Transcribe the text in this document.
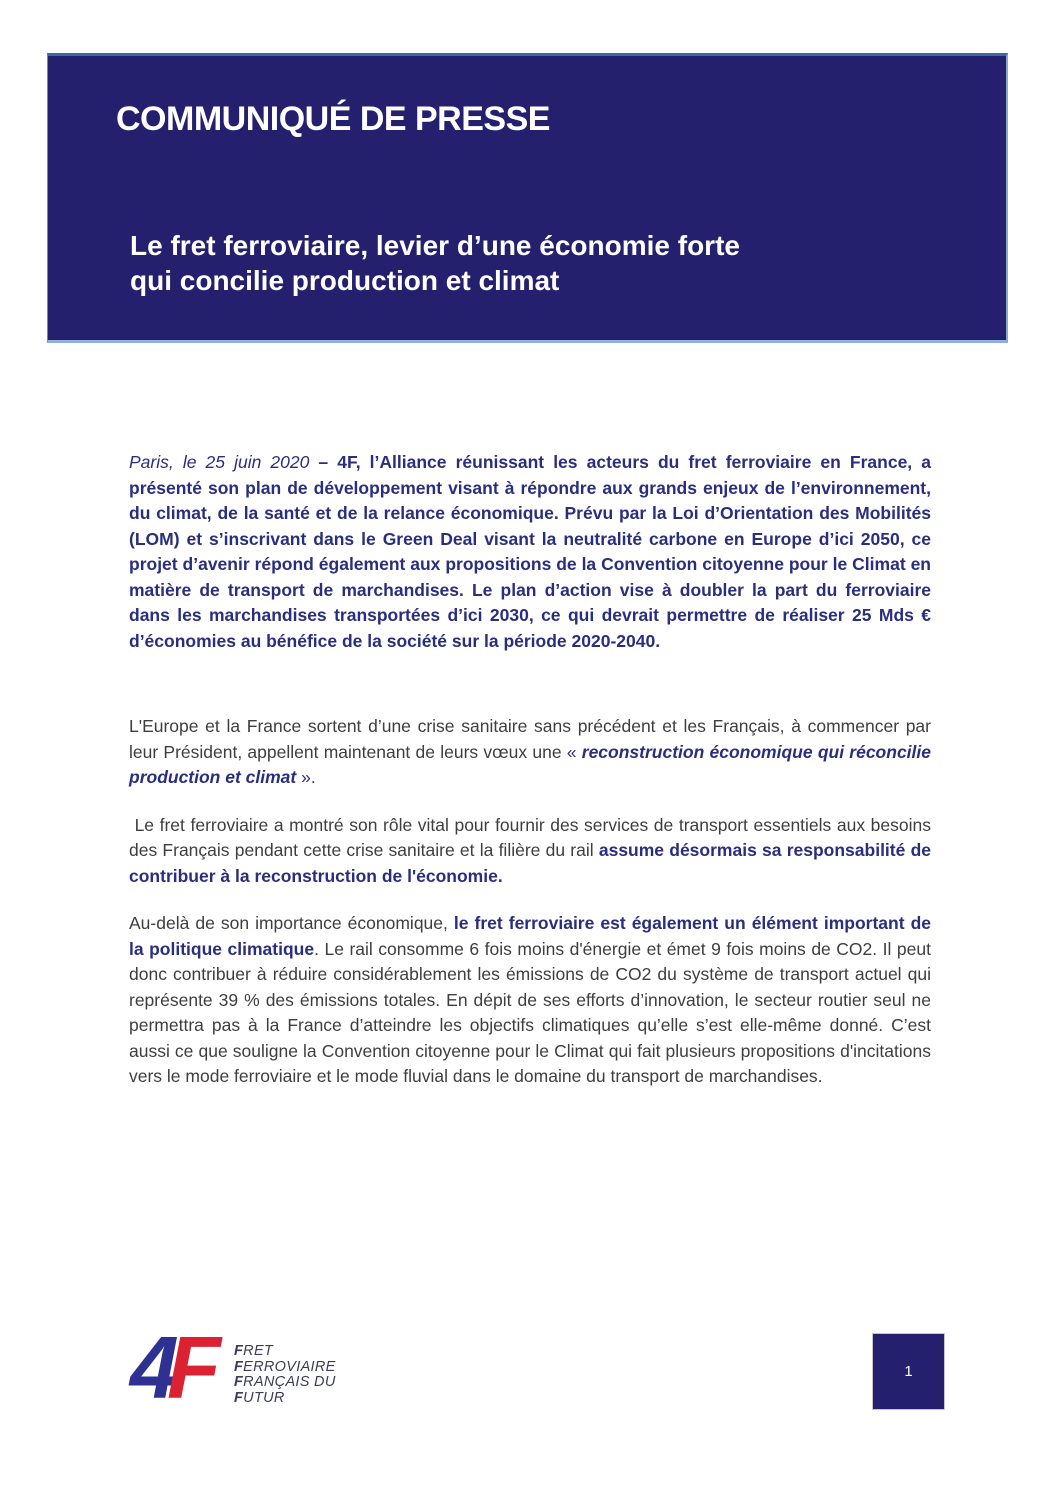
COMMUNIQUÉ DE PRESSE
Le fret ferroviaire, levier d’une économie forte
qui concilie production et climat

Paris, le 25 juin 2020 – 4F, l’Alliance réunissant les acteurs du fret ferroviaire en France, a présenté son plan de développement visant à répondre aux grands enjeux de l’environnement, du climat, de la santé et de la relance économique. Prévu par la Loi d’Orientation des Mobilités (LOM) et s’inscrivant dans le Green Deal visant la neutralité carbone en Europe d’ici 2050, ce projet d’avenir répond également aux propositions de la Convention citoyenne pour le Climat en matière de transport de marchandises. Le plan d’action vise à doubler la part du ferroviaire dans les marchandises transportées d’ici 2030, ce qui devrait permettre de réaliser 25 Mds € d’économies au bénéfice de la société sur la période 2020-2040.

L'Europe et la France sortent d’une crise sanitaire sans précédent et les Français, à commencer par leur Président, appellent maintenant de leurs vœux une « reconstruction économique qui réconcilie production et climat ».

Le fret ferroviaire a montré son rôle vital pour fournir des services de transport essentiels aux besoins des Français pendant cette crise sanitaire et la filière du rail assume désormais sa responsabilité de contribuer à la reconstruction de l'économie.

Au-delà de son importance économique, le fret ferroviaire est également un élément important de la politique climatique. Le rail consomme 6 fois moins d'énergie et émet 9 fois moins de CO2. Il peut donc contribuer à réduire considérablement les émissions de CO2 du système de transport actuel qui représente 39 % des émissions totales. En dépit de ses efforts d’innovation, le secteur routier seul ne permettra pas à la France d’atteindre les objectifs climatiques qu’elle s’est elle-même donné. C’est aussi ce que souligne la Convention citoyenne pour le Climat qui fait plusieurs propositions d'incitations vers le mode ferroviaire et le mode fluvial dans le domaine du transport de marchandises.

4F FRET
FERROVIAIRE
FRANÇAIS DU
FUTUR
1
